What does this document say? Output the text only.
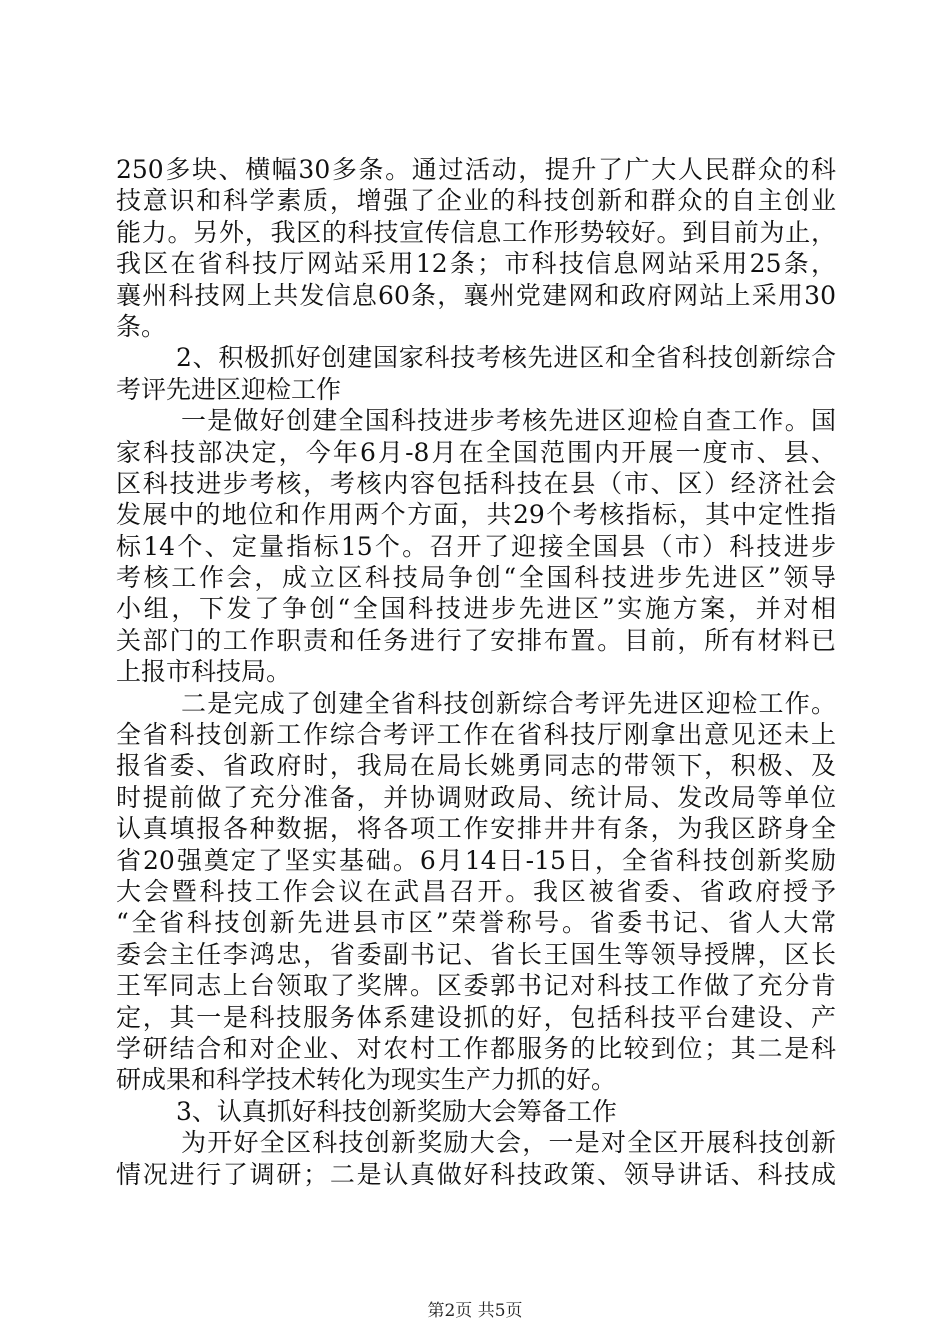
250多块、横幅30多条。通过活动，提升了广大人民群众的科
技意识和科学素质，增强了企业的科技创新和群众的自主创业
能力。另外，我区的科技宣传信息工作形势较好。到目前为止，
我区在省科技厅网站采用12条；市科技信息网站采用25条，
襄州科技网上共发信息60条，襄州党建网和政府网站上采用30
条。
2、积极抓好创建国家科技考核先进区和全省科技创新综合
考评先进区迎检工作
一是做好创建全国科技进步考核先进区迎检自查工作。国
家科技部决定，今年6月-8月在全国范围内开展一度市、县、
区科技进步考核，考核内容包括科技在县（市、区）经济社会
发展中的地位和作用两个方面，共29个考核指标，其中定性指
标14个、定量指标15个。召开了迎接全国县（市）科技进步
考核工作会，成立区科技局争创“全国科技进步先进区”领导
小组，下发了争创“全国科技进步先进区”实施方案，并对相
关部门的工作职责和任务进行了安排布置。目前，所有材料已
上报市科技局。
二是完成了创建全省科技创新综合考评先进区迎检工作。
全省科技创新工作综合考评工作在省科技厅刚拿出意见还未上
报省委、省政府时，我局在局长姚勇同志的带领下，积极、及
时提前做了充分准备，并协调财政局、统计局、发改局等单位
认真填报各种数据，将各项工作安排井井有条，为我区跻身全
省20强奠定了坚实基础。6月14日-15日，全省科技创新奖励
大会暨科技工作会议在武昌召开。我区被省委、省政府授予
“全省科技创新先进县市区”荣誉称号。省委书记、省人大常
委会主任李鸿忠，省委副书记、省长王国生等领导授牌，区长
王军同志上台领取了奖牌。区委郭书记对科技工作做了充分肯
定，其一是科技服务体系建设抓的好，包括科技平台建设、产
学研结合和对企业、对农村工作都服务的比较到位；其二是科
研成果和科学技术转化为现实生产力抓的好。
3、认真抓好科技创新奖励大会筹备工作
为开好全区科技创新奖励大会，一是对全区开展科技创新
情况进行了调研；二是认真做好科技政策、领导讲话、科技成
第2页 共5页
